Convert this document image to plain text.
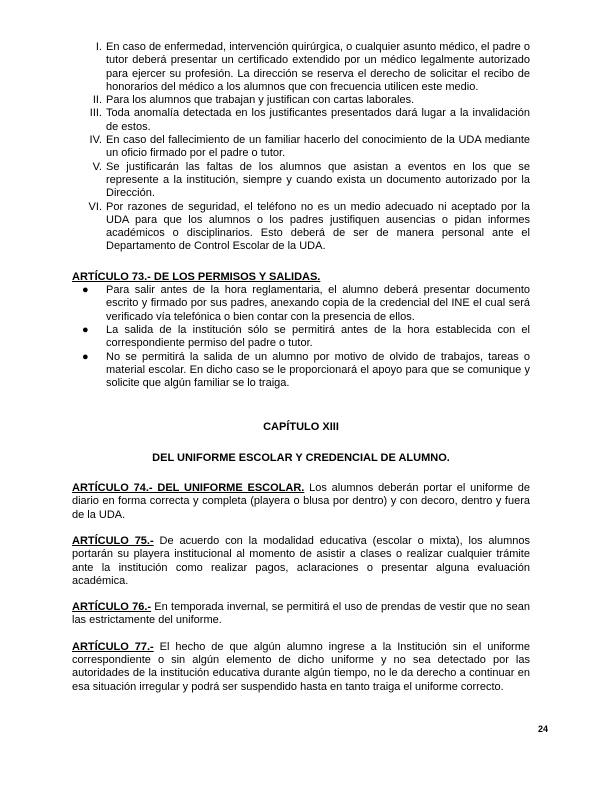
I. En caso de enfermedad, intervención quirúrgica, o cualquier asunto médico, el padre o tutor deberá presentar un certificado extendido por un médico legalmente autorizado para ejercer su profesión. La dirección se reserva el derecho de solicitar el recibo de honorarios del médico a los alumnos que con frecuencia utilicen este medio.
II. Para los alumnos que trabajan y justifican con cartas laborales.
III. Toda anomalía detectada en los justificantes presentados dará lugar a la invalidación de estos.
IV. En caso del fallecimiento de un familiar hacerlo del conocimiento de la UDA mediante un oficio firmado por el padre o tutor.
V. Se justificarán las faltas de los alumnos que asistan a eventos en los que se represente a la institución, siempre y cuando exista un documento autorizado por la Dirección.
VI. Por razones de seguridad, el teléfono no es un medio adecuado ni aceptado por la UDA para que los alumnos o los padres justifiquen ausencias o pidan informes académicos o disciplinarios. Esto deberá de ser de manera personal ante el Departamento de Control Escolar de la UDA.
ARTÍCULO 73.- DE LOS PERMISOS Y SALIDAS.
● Para salir antes de la hora reglamentaria, el alumno deberá presentar documento escrito y firmado por sus padres, anexando copia de la credencial del INE el cual será verificado vía telefónica o bien contar con la presencia de ellos.
● La salida de la institución sólo se permitirá antes de la hora establecida con el correspondiente permiso del padre o tutor.
● No se permitirá la salida de un alumno por motivo de olvido de trabajos, tareas o material escolar. En dicho caso se le proporcionará el apoyo para que se comunique y solicite que algún familiar se lo traiga.
CAPÍTULO XIII
DEL UNIFORME ESCOLAR Y CREDENCIAL DE ALUMNO.

ARTÍCULO 74.- DEL UNIFORME ESCOLAR. Los alumnos deberán portar el uniforme de diario en forma correcta y completa (playera o blusa por dentro) y con decoro, dentro y fuera de la UDA.

ARTÍCULO 75.- De acuerdo con la modalidad educativa (escolar o mixta), los alumnos portarán su playera institucional al momento de asistir a clases o realizar cualquier trámite ante la institución como realizar pagos, aclaraciones o presentar alguna evaluación académica.

ARTÍCULO 76.- En temporada invernal, se permitirá el uso de prendas de vestir que no sean las estrictamente del uniforme.

ARTÍCULO 77.- El hecho de que algún alumno ingrese a la Institución sin el uniforme correspondiente o sin algún elemento de dicho uniforme y no sea detectado por las autoridades de la institución educativa durante algún tiempo, no le da derecho a continuar en esa situación irregular y podrá ser suspendido hasta en tanto traiga el uniforme correcto.

24
